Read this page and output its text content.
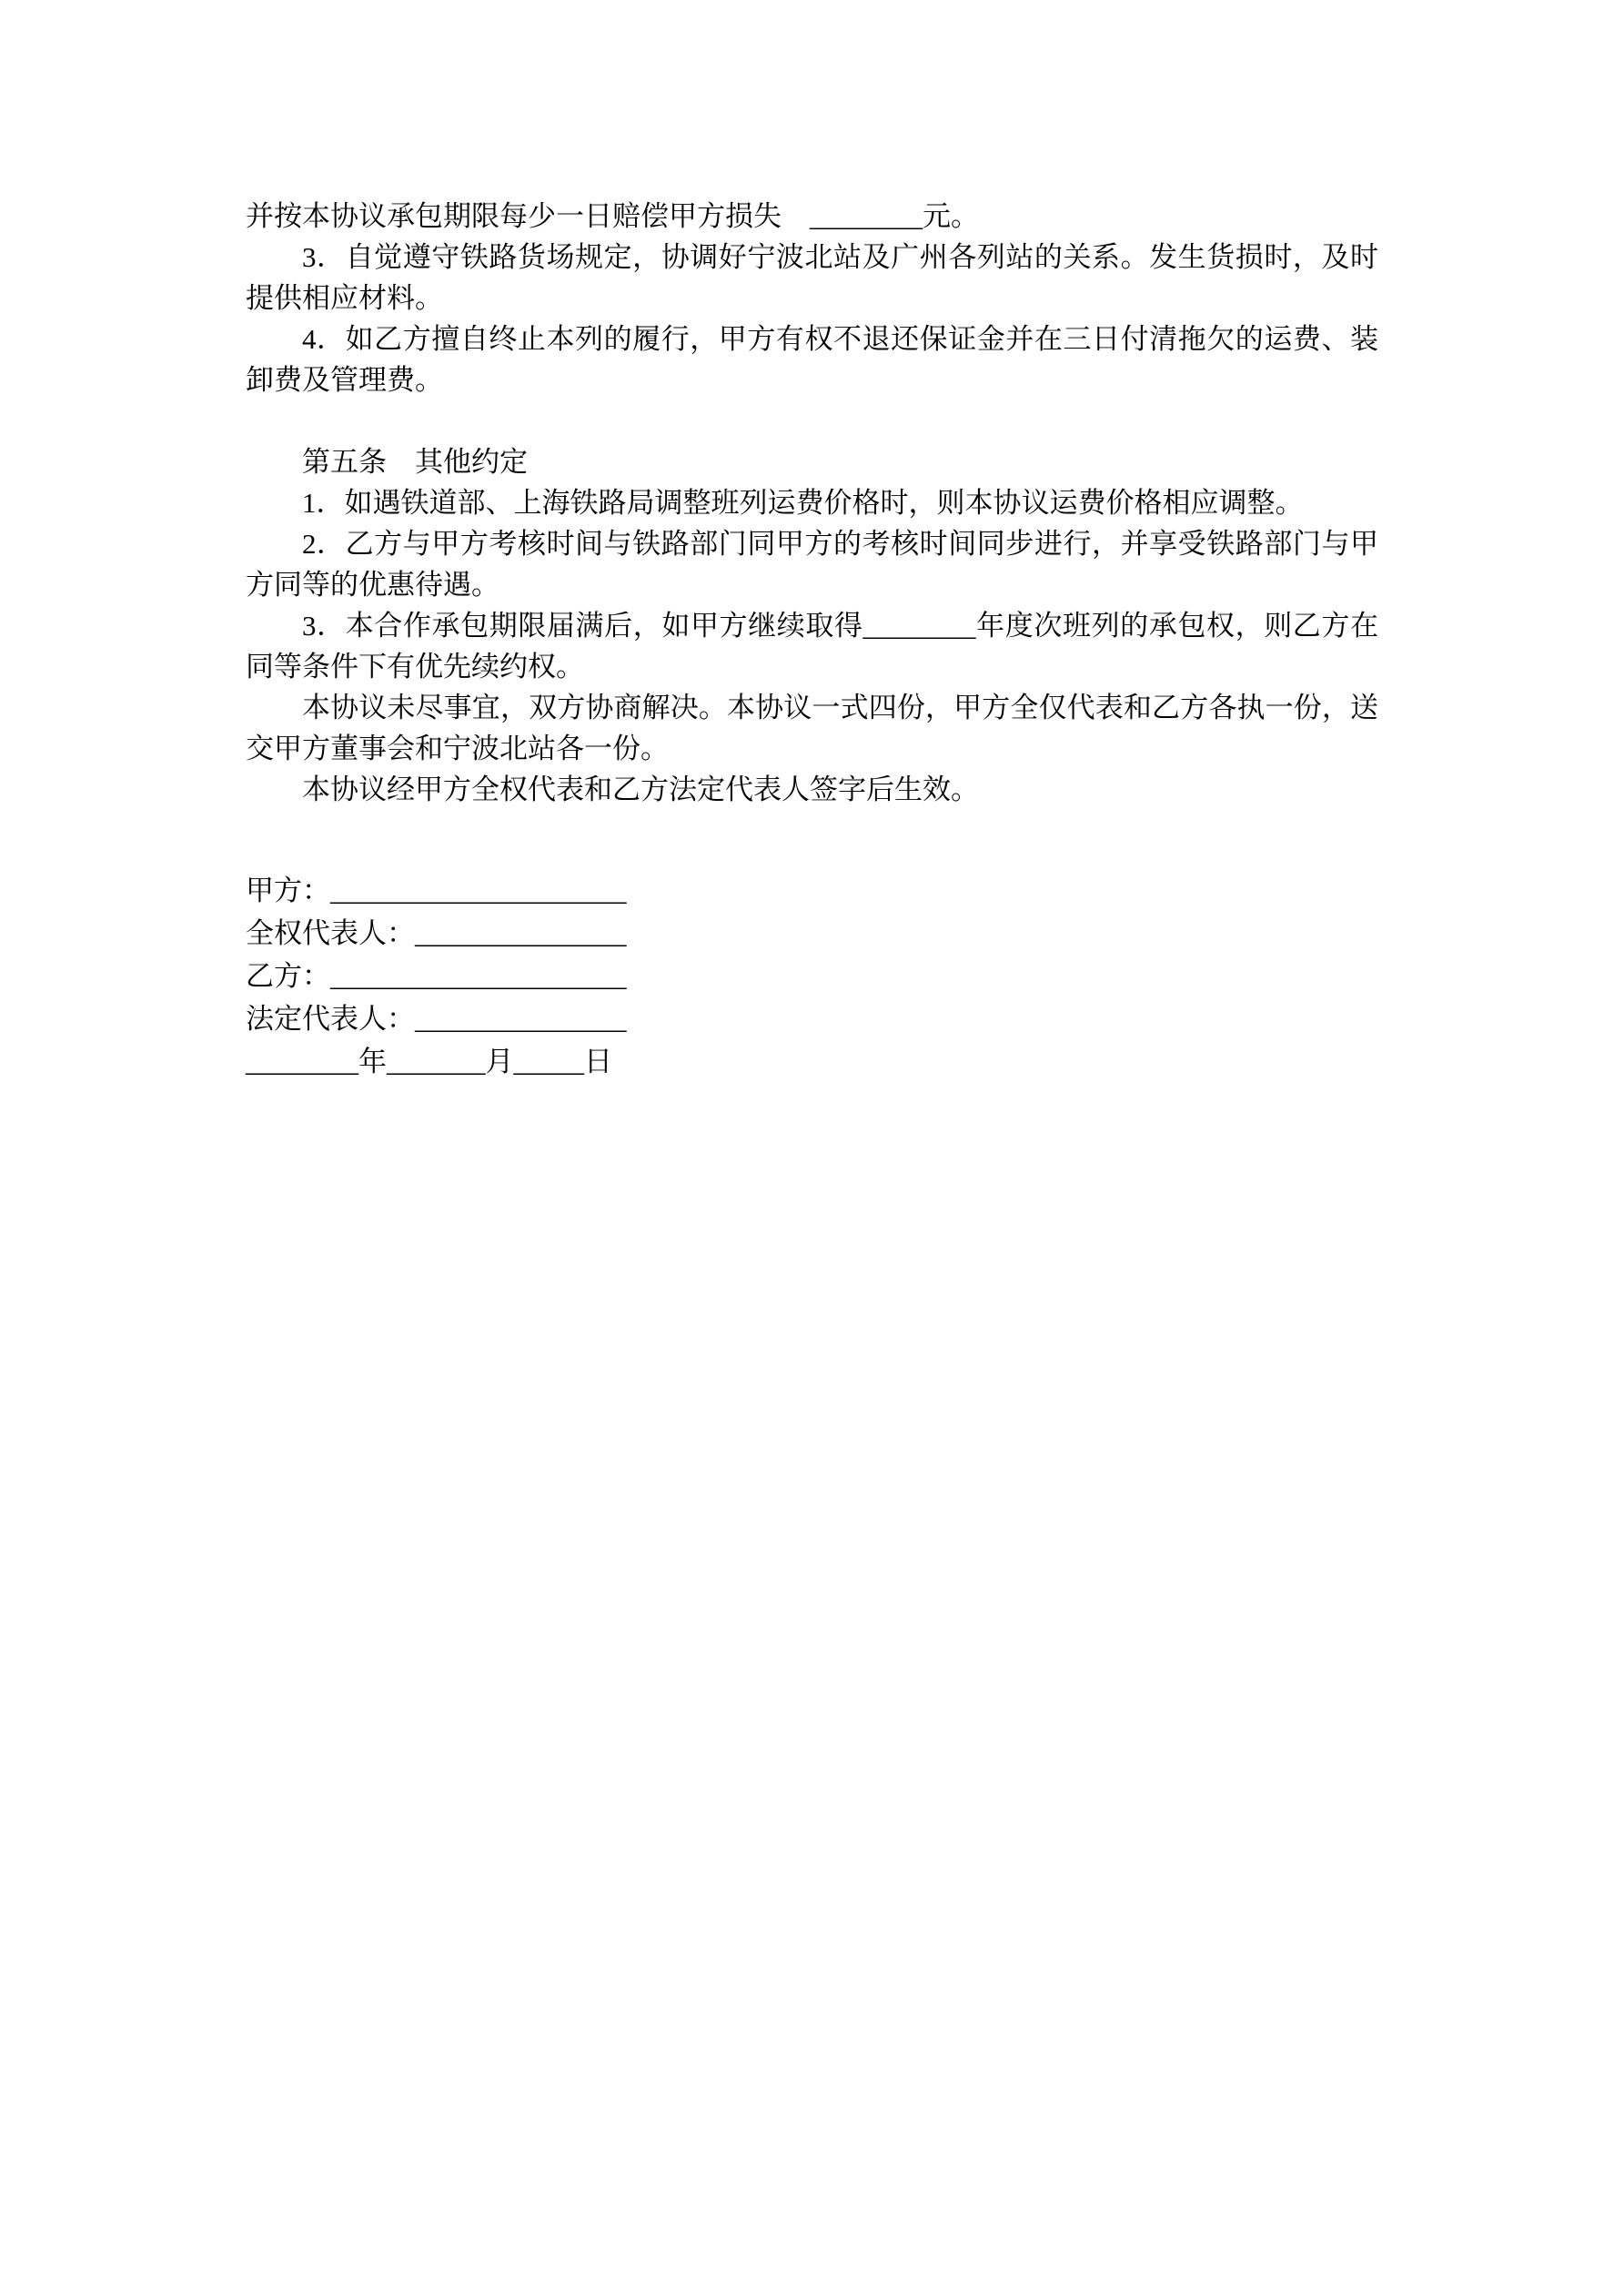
并按本协议承包期限每少一日赔偿甲方损失　________元。

3．自觉遵守铁路货场规定，协调好宁波北站及广州各列站的关系。发生货损时，及时提供相应材料。

4．如乙方擅自终止本列的履行，甲方有权不退还保证金并在三日付清拖欠的运费、装卸费及管理费。

第五条　其他约定

1．如遇铁道部、上海铁路局调整班列运费价格时，则本协议运费价格相应调整。

2．乙方与甲方考核时间与铁路部门同甲方的考核时间同步进行，并享受铁路部门与甲方同等的优惠待遇。

3．本合作承包期限届满后，如甲方继续取得________年度次班列的承包权，则乙方在同等条件下有优先续约权。

本协议未尽事宜，双方协商解决。本协议一式四份，甲方全仅代表和乙方各执一份，送交甲方董事会和宁波北站各一份。

本协议经甲方全权代表和乙方法定代表人签字后生效。

甲方：_____________________

全权代表人：_______________

乙方：_____________________

法定代表人：_______________

________年_______月_____日
